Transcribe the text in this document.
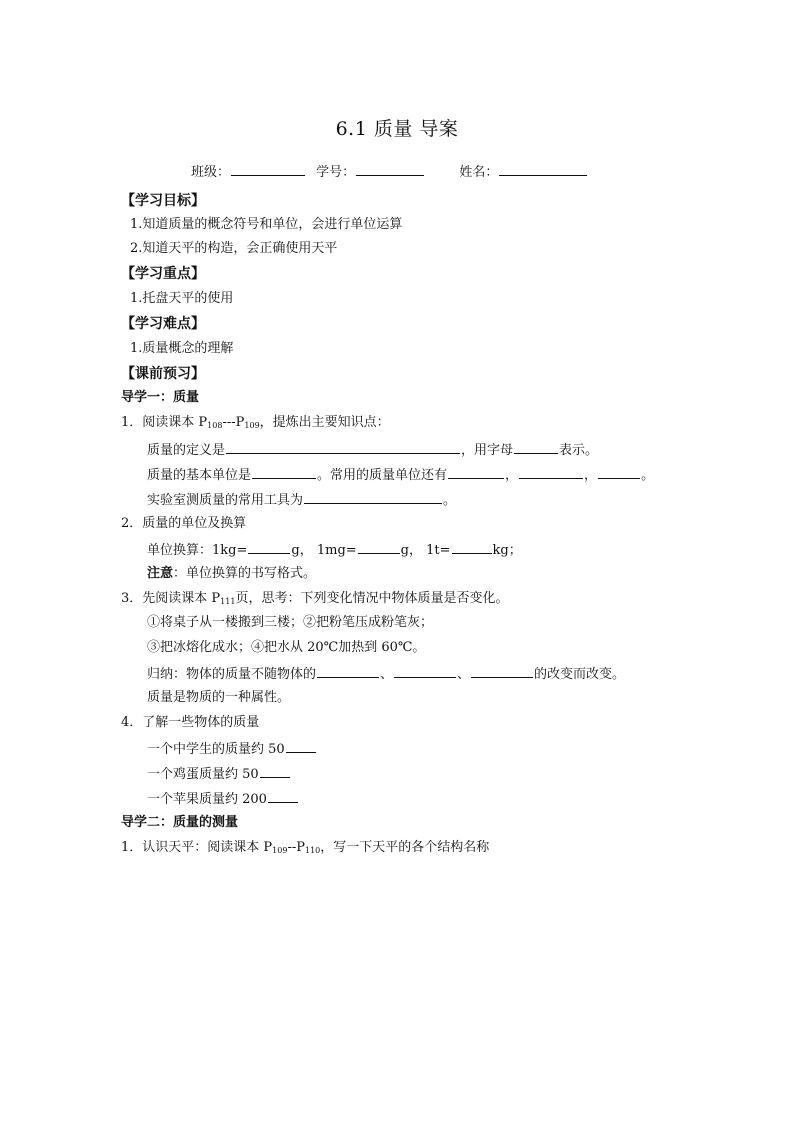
6.1 质量 导案
班级：	学号：	姓名：
【学习目标】
1.知道质量的概念符号和单位，会进行单位运算
2.知道天平的构造，会正确使用天平
【学习重点】
1.托盘天平的使用
【学习难点】
1.质量概念的理解
【课前预习】
导学一：质量
1．阅读课本 $P_{108}---P_{109}$，提炼出主要知识点：
质量的定义是	，用字母	表示。
质量的基本单位是	。常用的质量单位还有	，	，	。
实验室测质量的常用工具为	。
2．质量的单位及换算
单位换算：1kg=	g， 1mg=	g， 1t=	kg；
注意：单位换算的书写格式。
3．先阅读课本 $P_{111}$页，思考：下列变化情况中物体质量是否变化。
①将桌子从一楼搬到三楼；②把粉笔压成粉笔灰；
③把冰熔化成水；④把水从 20℃加热到 60℃。
归纳：物体的质量不随物体的	、	、	的改变而改变。
质量是物质的一种属性。
4．了解一些物体的质量
一个中学生的质量约 50
一个鸡蛋质量约 50
一个苹果质量约 200
导学二：质量的测量
1．认识天平：阅读课本 $P_{109}--P_{110}$，写一下天平的各个结构名称
